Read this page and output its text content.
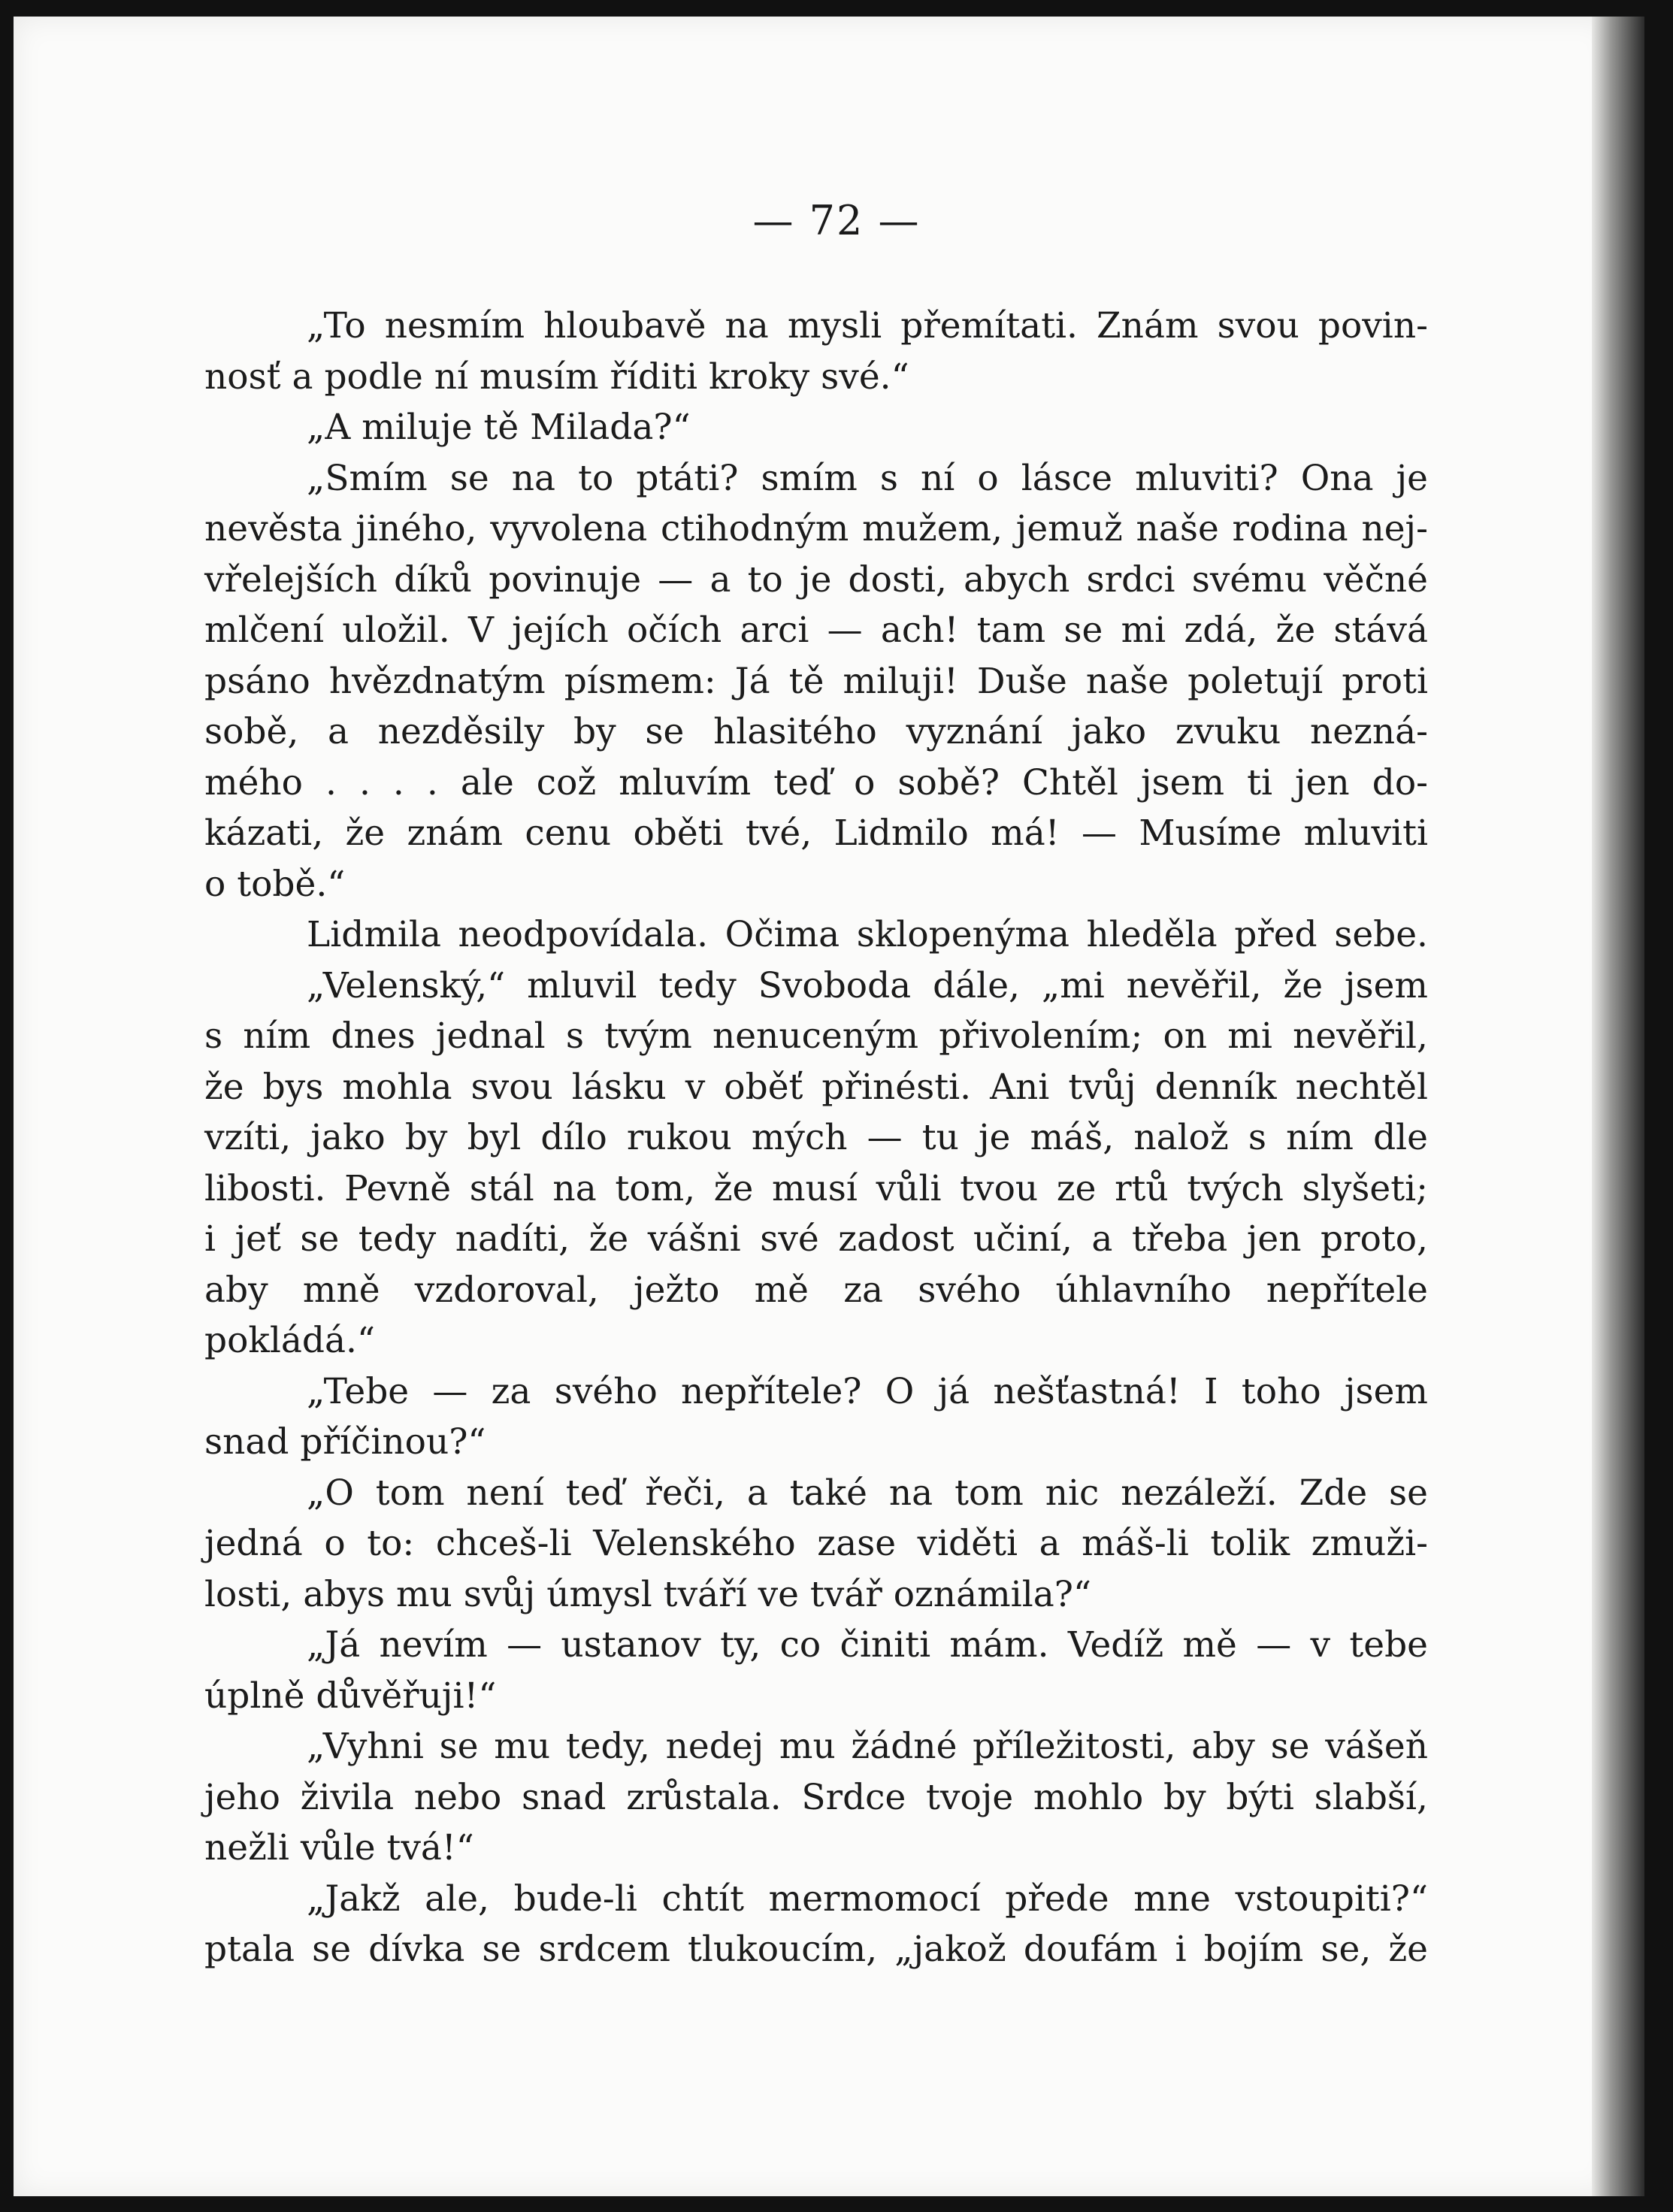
— 72 —
„To nesmím hloubavě na mysli přemítati. Znám svou povin-
nosť a podle ní musím říditi kroky své.“
„A miluje tě Milada?“
„Smím se na to ptáti? smím s ní o lásce mluviti? Ona je
nevěsta jiného, vyvolena ctihodným mužem, jemuž naše rodina nej-
vřelejších díků povinuje — a to je dosti, abych srdci svému věčné
mlčení uložil. V jejích očích arci — ach! tam se mi zdá, že stává
psáno hvězdnatým písmem: Já tě miluji! Duše naše poletují proti
sobě, a nezděsily by se hlasitého vyznání jako zvuku nezná-
mého . . . . ale což mluvím teď o sobě? Chtěl jsem ti jen do-
kázati, že znám cenu oběti tvé, Lidmilo má! — Musíme mluviti
o tobě.“
Lidmila neodpovídala. Očima sklopenýma hleděla před sebe.
„Velenský,“ mluvil tedy Svoboda dále, „mi nevěřil, že jsem
s ním dnes jednal s tvým nenuceným přivolením; on mi nevěřil,
že bys mohla svou lásku v oběť přinésti. Ani tvůj denník nechtěl
vzíti, jako by byl dílo rukou mých — tu je máš, nalož s ním dle
libosti. Pevně stál na tom, že musí vůli tvou ze rtů tvých slyšeti;
i jeť se tedy nadíti, že vášni své zadost učiní, a třeba jen proto,
aby mně vzdoroval, ježto mě za svého úhlavního nepřítele
pokládá.“
„Tebe — za svého nepřítele? O já nešťastná! I toho jsem
snad příčinou?“
„O tom není teď řeči, a také na tom nic nezáleží. Zde se
jedná o to: chceš-li Velenského zase viděti a máš-li tolik zmuži-
losti, abys mu svůj úmysl tváří ve tvář oznámila?“
„Já nevím — ustanov ty, co činiti mám. Vedíž mě — v tebe
úplně důvěřuji!“
„Vyhni se mu tedy, nedej mu žádné příležitosti, aby se vášeň
jeho živila nebo snad zrůstala. Srdce tvoje mohlo by býti slabší,
nežli vůle tvá!“
„Jakž ale, bude-li chtít mermomocí přede mne vstoupiti?“
ptala se dívka se srdcem tlukoucím, „jakož doufám i bojím se, že
